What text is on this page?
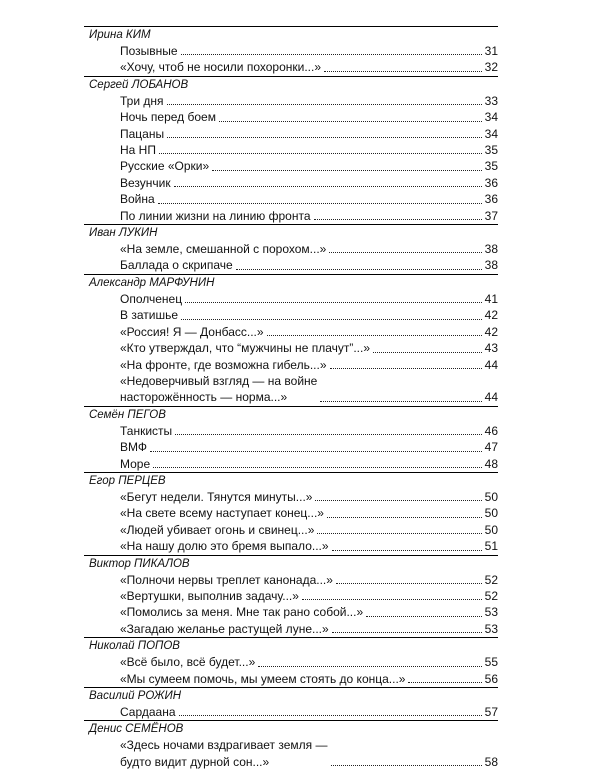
Ирина КИМ
Позывные	31
«Хочу, чтоб не носили похоронки...»	32
Сергей ЛОБАНОВ
Три дня	33
Ночь перед боем	34
Пацаны	34
На НП	35
Русские «Орки»	35
Везунчик	36
Война	36
По линии жизни на линию фронта	37
Иван ЛУКИН
«На земле, смешанной с порохом...»	38
Баллада о скрипаче	38
Александр МАРФУНИН
Ополченец	41
В затишье	42
«Россия! Я — Донбасс...»	42
«Кто утверждал, что “мужчины не плачут”...»	43
«На фронте, где возможна гибель...»	44
«Недоверчивый взгляд — на войне
насторожённость — норма...»	44
Семён ПЕГОВ
Танкисты	46
ВМФ	47
Море	48
Егор ПЕРЦЕВ
«Бегут недели. Тянутся минуты...»	50
«На свете всему наступает конец...»	50
«Людей убивает огонь и свинец...»	50
«На нашу долю это бремя выпало...»	51
Виктор ПИКАЛОВ
«Полночи нервы треплет канонада...»	52
«Вертушки, выполнив задачу...»	52
«Помолись за меня. Мне так рано собой...»	53
«Загадаю желанье растущей луне...»	53
Николай ПОПОВ
«Всё было, всё будет...»	55
«Мы сумеем помочь, мы умеем стоять до конца...»	56
Василий РОЖИН
Сардаана	57
Денис СЕМЁНОВ
«Здесь ночами вздрагивает земля —
будто видит дурной сон...»	58
